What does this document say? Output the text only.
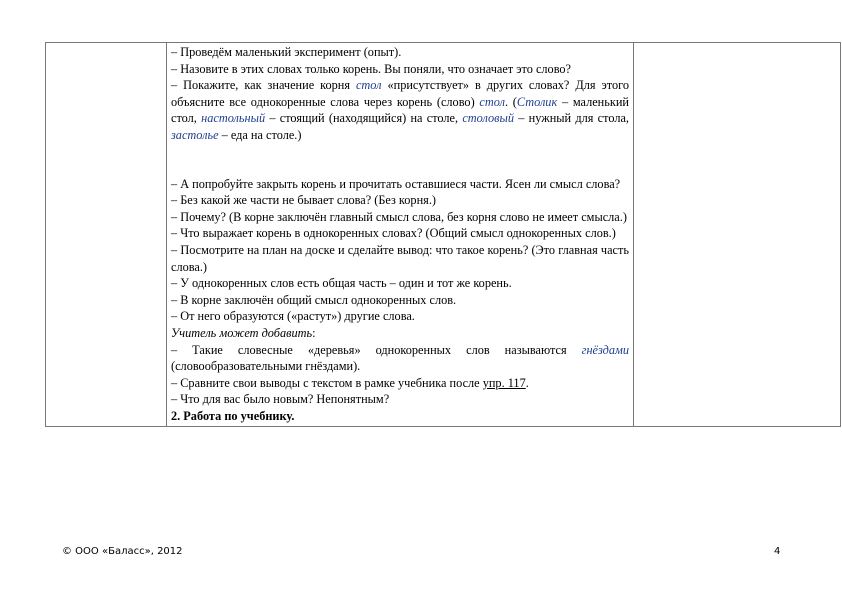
– Проведём маленький эксперимент (опыт).

– Назовите в этих словах только корень. Вы поняли, что означает это слово?

– Покажите, как значение корня стол «присутствует» в других словах? Для этого объясните все однокоренные слова через корень (слово) стол. (Столик – маленький стол, настольный – стоящий (находящийся) на столе, столовый – нужный для стола, застолье – еда на столе.)

– А попробуйте закрыть корень и прочитать оставшиеся части. Ясен ли смысл слова?

– Без какой же части не бывает слова? (Без корня.)

– Почему? (В корне заключён главный смысл слова, без корня слово не имеет смысла.)

– Что выражает корень в однокоренных словах? (Общий смысл однокоренных слов.)

– Посмотрите на план на доске и сделайте вывод: что такое корень? (Это главная часть слова.)

– У однокоренных слов есть общая часть – один и тот же корень.

– В корне заключён общий смысл однокоренных слов.

– От него образуются («растут») другие слова.

Учитель может добавить:

– Такие словесные «деревья» однокоренных слов называются гнёздами (словообразовательными гнёздами).

– Сравните свои выводы с текстом в рамке учебника после упр. 117.

– Что для вас было новым? Непонятным?

2. Работа по учебнику.

© ООО «Баласс», 2012	4
